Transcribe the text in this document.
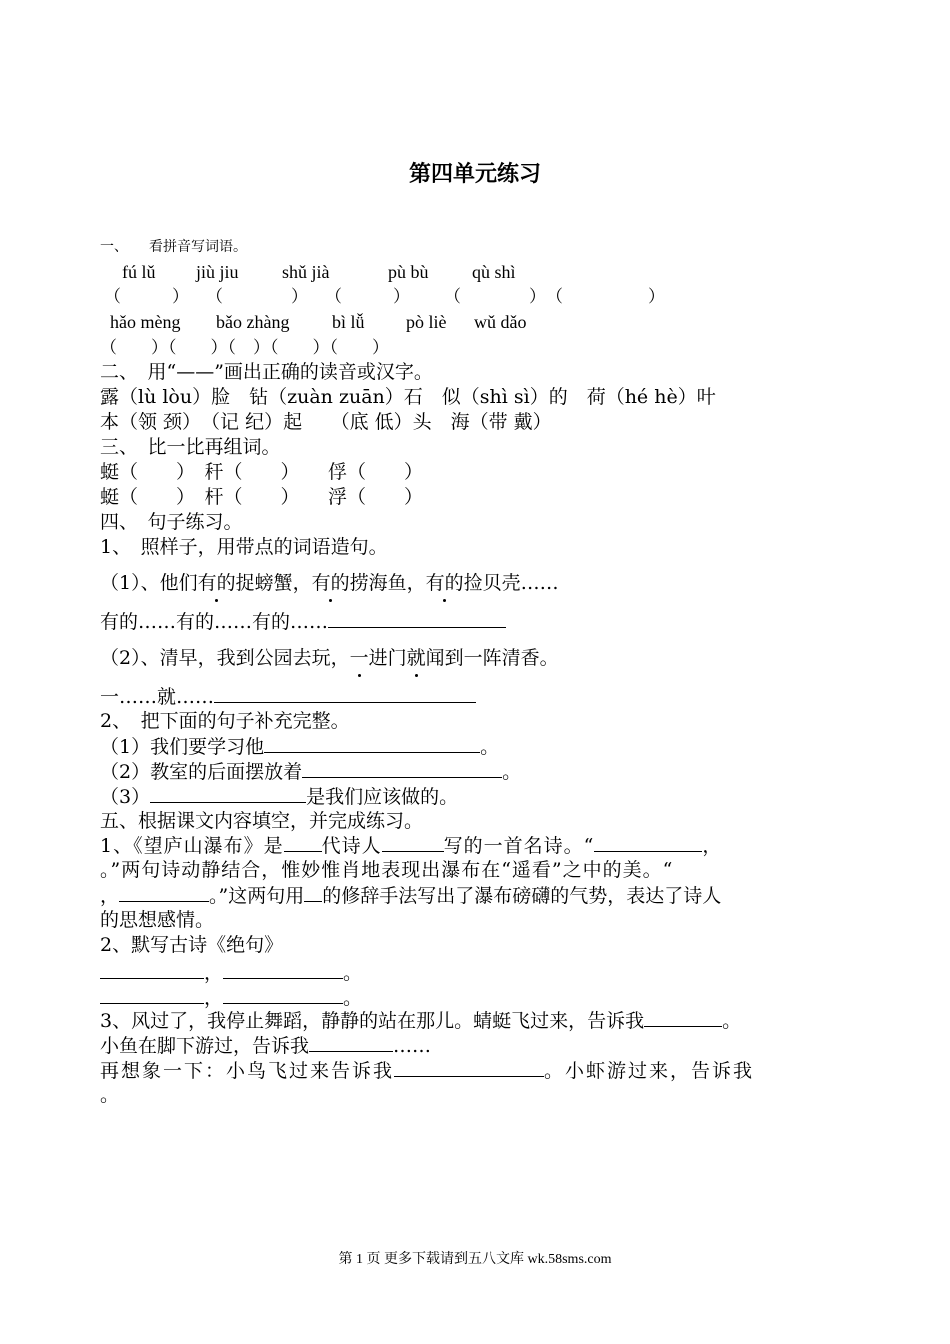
第四单元练习
一、　　看拼音写词语。
fú lǔ jiù jiu shǔ jià	pù bù qù shì
（　　　）　　（　　　　）　　（　　　）　　　（　　　　）　（　　　　　）
hǎo mèng bǎo zhàng bì lǚ pò liè wǔ dǎo
（　　）（　　）（　）（　　）（　　）
二、　用“——”画出正确的读音或汉字。
露（lù lòu）脸　钻（zuàn zuān）石　似（shì sì）的　荷（hé hè）叶
本（领 颈）　（记 纪）起　　（底 低）头　海（带 戴）
三、　比一比再组词。
蜓（　　）　秆（　　）　　俘（　　）
蜓（　　）　杆（　　）　　浮（　　）
四、　句子练习。
1、　照样子，用带点的词语造句。
（1）、他们有的捉螃蟹，有的捞海鱼，有的捡贝壳……
有的……有的……有的……
（2）、清早，我到公园去玩，一进门就闻到一阵清香。
一……就……
2、　把下面的句子补充完整。
（1）我们要学习他	。
（2）教室的后面摆放着	。
（3）	是我们应该做的。
五、根据课文内容填空，并完成练习。
1、《望庐山瀑布》是 代诗人	写的一首名诗。“	，
。”两句诗动静结合，惟妙惟肖地表现出瀑布在“遥看”之中的美。“
，	。”这两句用 的修辞手法写出了瀑布磅礴的气势，表达了诗人
的思想感情。
2、默写古诗《绝句》
，	。
，	。
3、风过了，我停止舞蹈，静静的站在那儿。蜻蜓飞过来，告诉我	。
小鱼在脚下游过，告诉我	……
再想象一下：小鸟飞过来告诉我	。小虾游过来，告诉我
。
第 1 页 更多下载请到五八文库 wk.58sms.com
